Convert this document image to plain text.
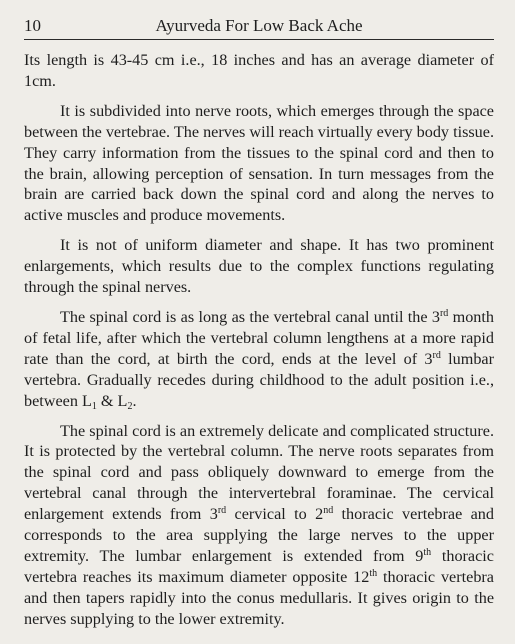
10	Ayurveda For Low Back Ache

Its length is 43-45 cm i.e., 18 inches and has an average diameter of 1cm.

It is subdivided into nerve roots, which emerges through the space between the vertebrae. The nerves will reach virtually every body tissue. They carry information from the tissues to the spinal cord and then to the brain, allowing perception of sensation. In turn messages from the brain are carried back down the spinal cord and along the nerves to active muscles and produce movements.

It is not of uniform diameter and shape. It has two prominent enlargements, which results due to the complex functions regulating through the spinal nerves.

The spinal cord is as long as the vertebral canal until the 3rd month of fetal life, after which the vertebral column lengthens at a more rapid rate than the cord, at birth the cord, ends at the level of 3rd lumbar vertebra. Gradually recedes during childhood to the adult position i.e., between $L_1$ & $L_2$.

The spinal cord is an extremely delicate and complicated structure. It is protected by the vertebral column. The nerve roots separates from the spinal cord and pass obliquely downward to emerge from the vertebral canal through the intervertebral foraminae. The cervical enlargement extends from 3rd cervical to 2nd thoracic vertebrae and corresponds to the area supplying the large nerves to the upper extremity. The lumbar enlargement is extended from 9th thoracic vertebra reaches its maximum diameter opposite 12th thoracic vertebra and then tapers rapidly into the conus medullaris. It gives origin to the nerves supplying to the lower extremity.
